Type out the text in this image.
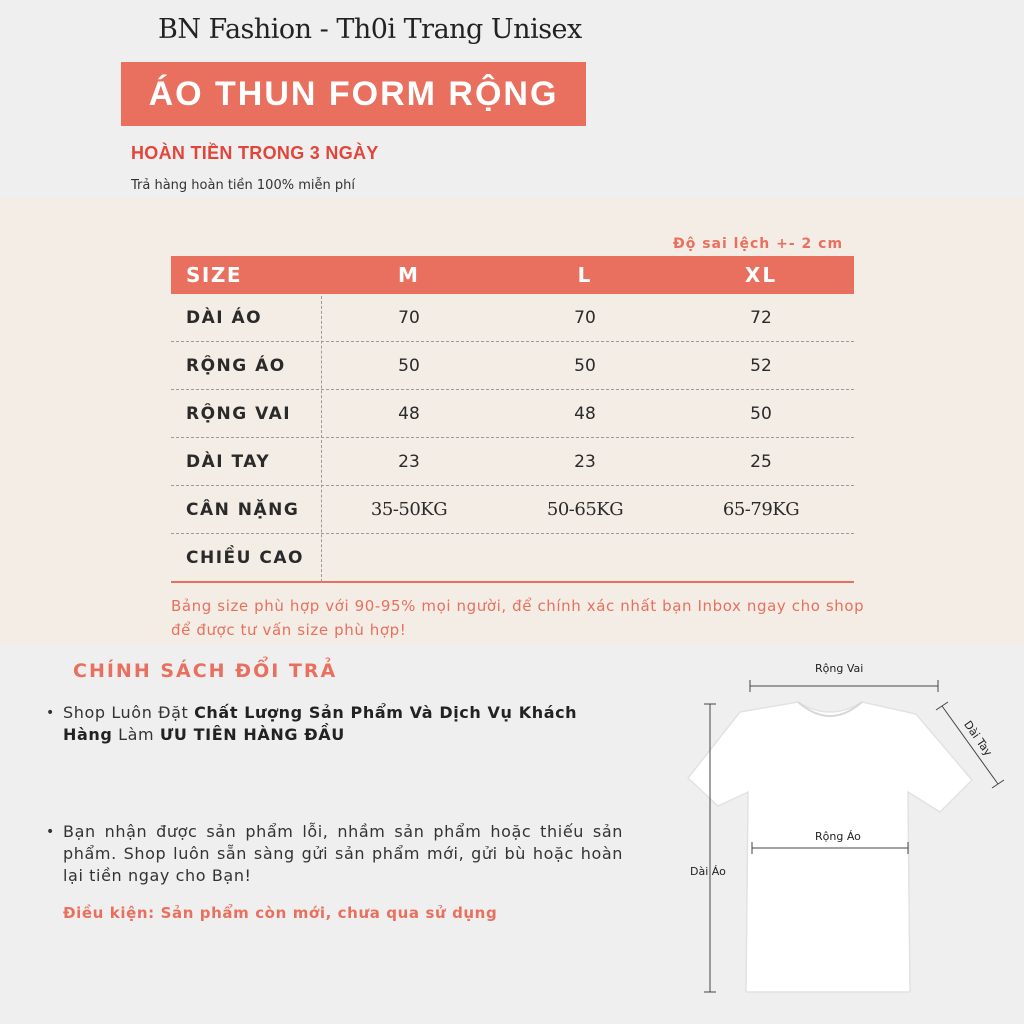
BN Fashion - Th0i Trang Unisex
ÁO THUN FORM RỘNG
HOÀN TIỀN TRONG 3 NGÀY
Trả hàng hoàn tiền 100% miễn phí
Độ sai lệch +- 2 cm
SIZE	M	L	XL
DÀI ÁO	70	70	72
RỘNG ÁO	50	50	52
RỘNG VAI	48	48	50
DÀI TAY	23	23	25
CÂN NẶNG	35-50KG	50-65KG	65-79KG
CHIỀU CAO
Bảng size phù hợp với 90-95% mọi người, để chính xác nhất bạn Inbox ngay cho shop để được tư vấn size phù hợp!
CHÍNH SÁCH ĐỔI TRẢ
• Shop Luôn Đặt Chất Lượng Sản Phẩm Và Dịch Vụ Khách Hàng Làm ƯU TIÊN HÀNG ĐẦU
• Bạn nhận được sản phẩm lỗi, nhầm sản phẩm hoặc thiếu sản phẩm. Shop luôn sẵn sàng gửi sản phẩm mới, gửi bù hoặc hoàn lại tiền ngay cho Bạn!
Điều kiện: Sản phẩm còn mới, chưa qua sử dụng
Rộng Vai
Dài Tay
Rộng Áo
Dài Áo
